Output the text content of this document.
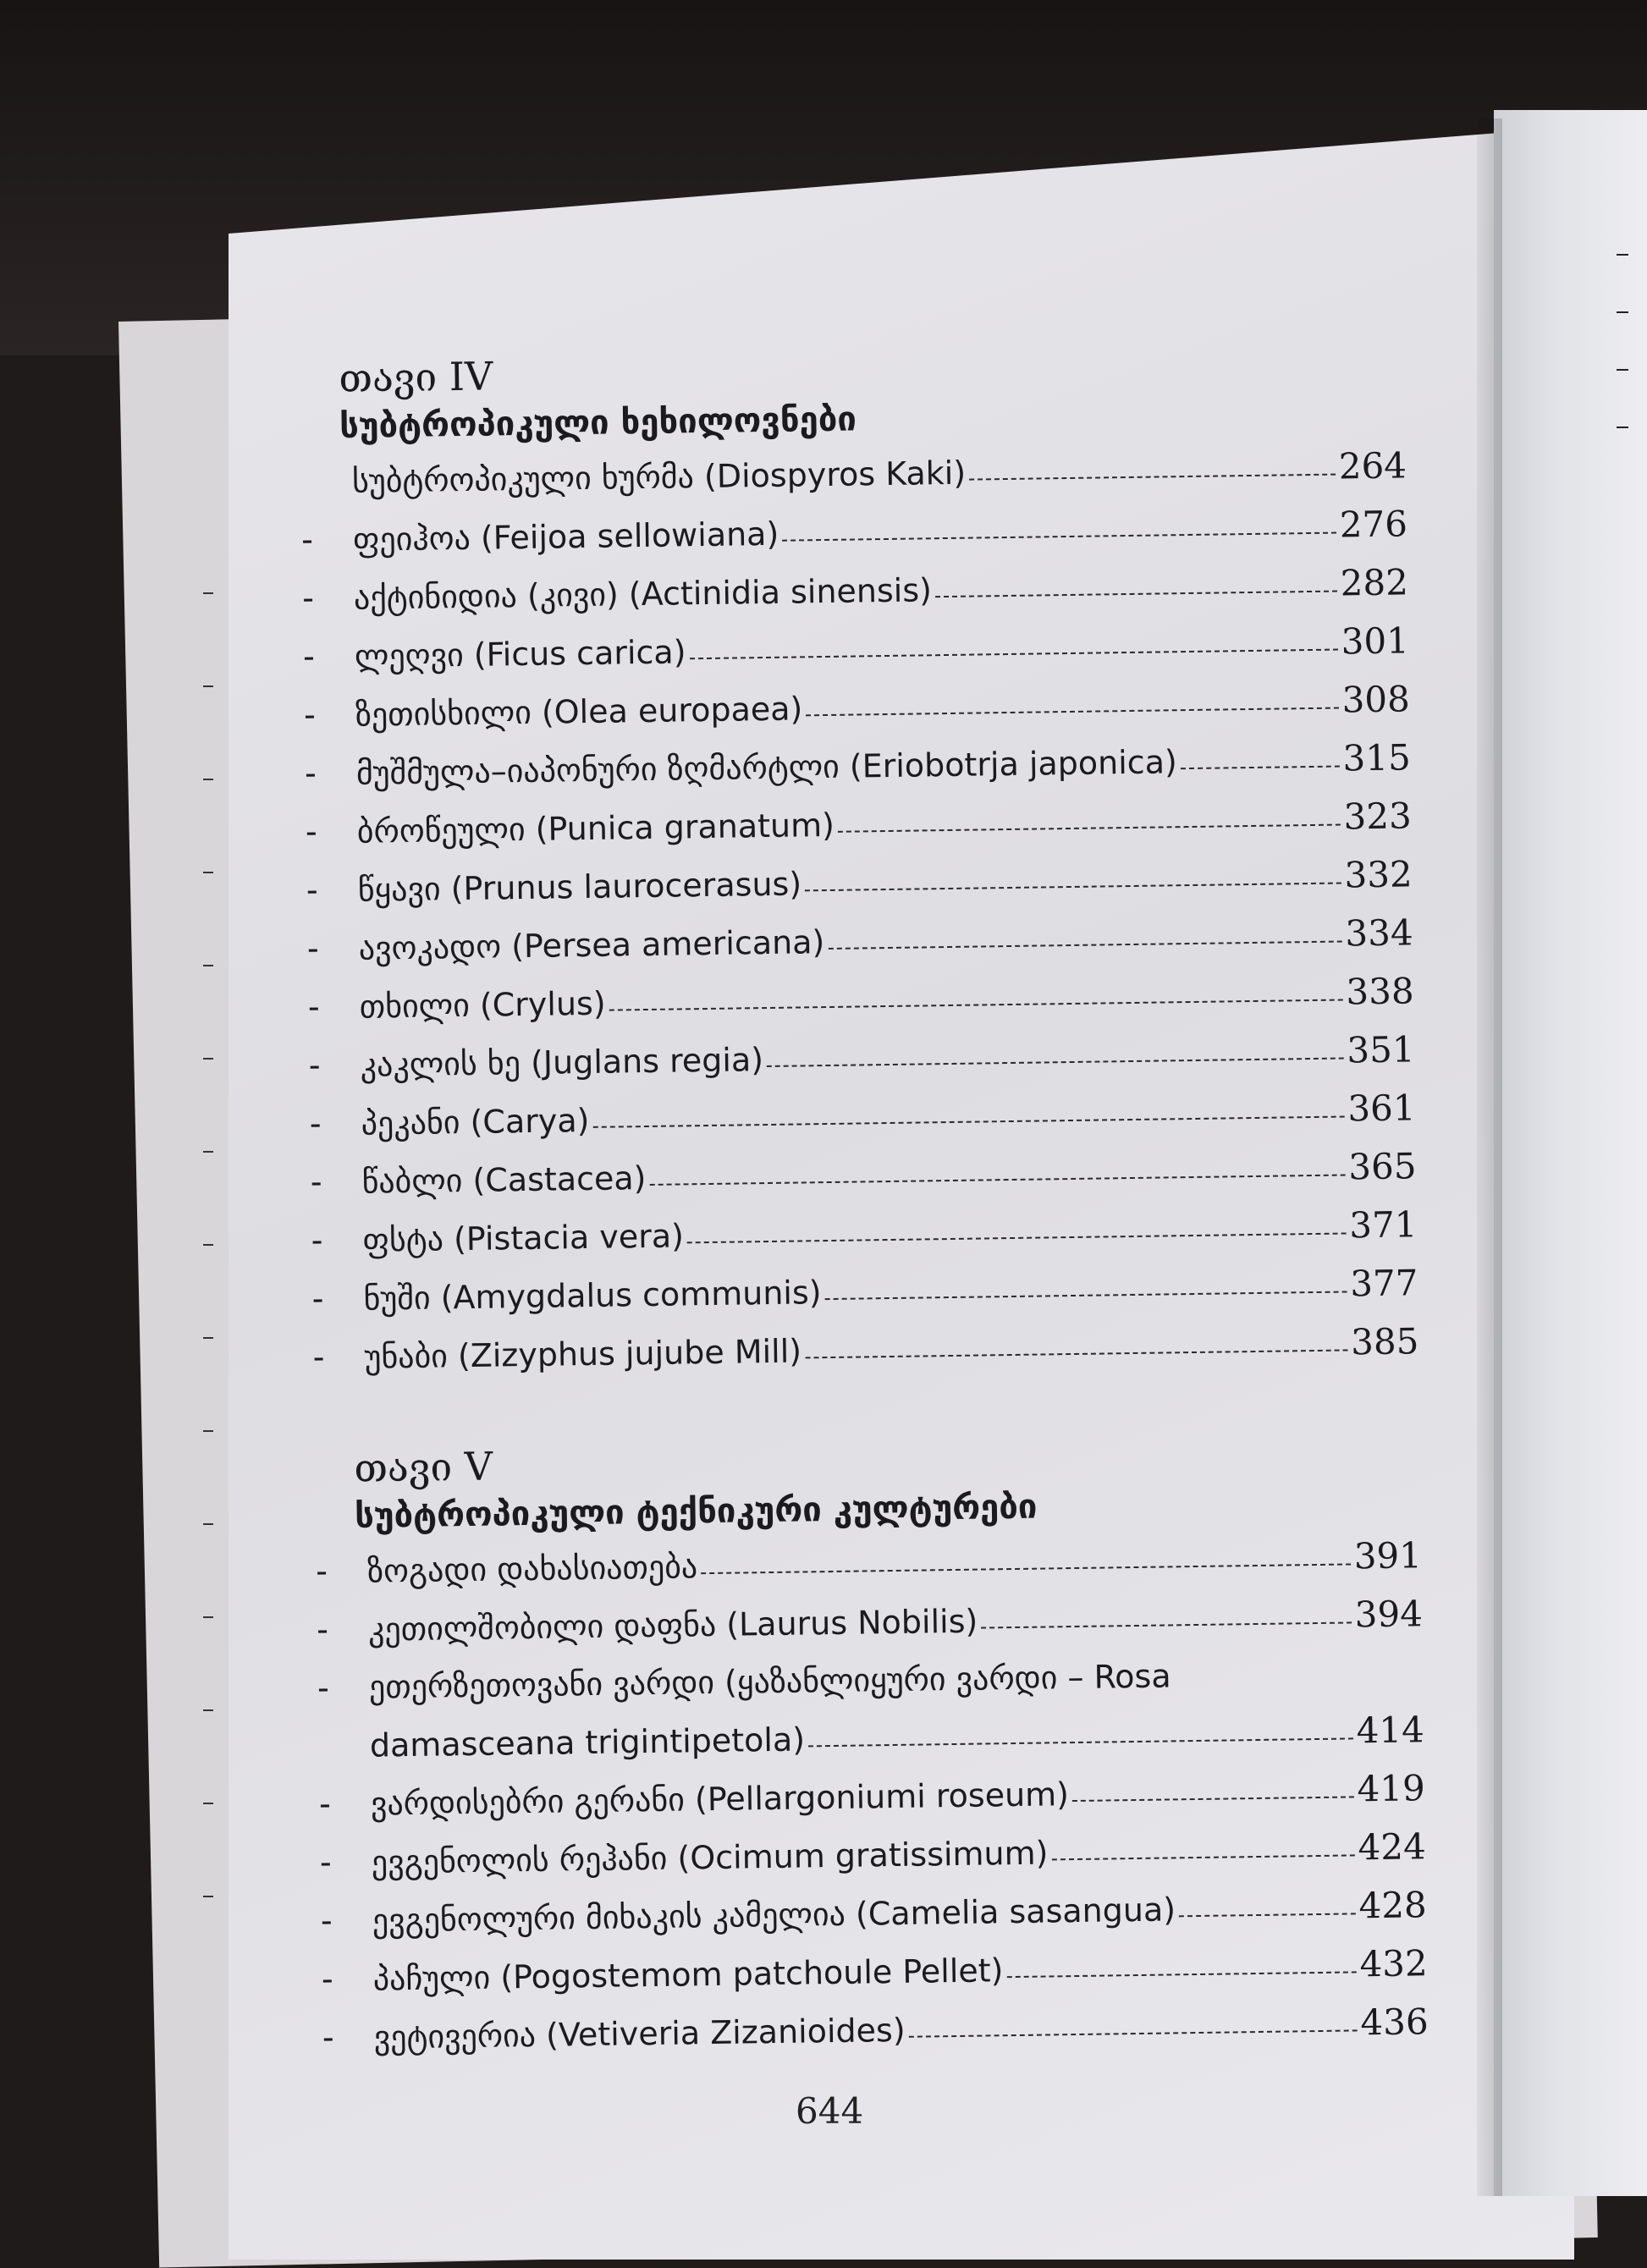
თავი IV
სუბტროპიკული ხეხილოვნები
სუბტროპიკული ხურმა (Diospyros Kaki)	264
- ფეიჰოა (Feijoa sellowiana)	276
- აქტინიდია (კივი) (Actinidia sinensis)	282
- ლეღვი (Ficus carica)	301
- ზეთისხილი (Olea europaea)	308
- მუშმულა–იაპონური ზღმარტლი (Eriobotrja japonica)	315
- ბროწეული (Punica granatum)	323
- წყავი (Prunus laurocerasus)	332
- ავოკადო (Persea americana)	334
- თხილი (Crylus)	338
- კაკლის ხე (Juglans regia)	351
- პეკანი (Carya)	361
- წაბლი (Castacea)	365
- ფსტა (Pistacia vera)	371
- ნუში (Amygdalus communis)	377
- უნაბი (Zizyphus jujube Mill)	385
თავი V
სუბტროპიკული ტექნიკური კულტურები
- ზოგადი დახასიათება	391
- კეთილშობილი დაფნა (Laurus Nobilis)	394
- ეთერზეთოვანი ვარდი (ყაზანლიყური ვარდი – Rosa
damasceana trigintipetola)	414
- ვარდისებრი გერანი (Pellargoniumi roseum)	419
- ევგენოლის რეჰანი (Ocimum gratissimum)	424
- ევგენოლური მიხაკის კამელია (Camelia sasangua)	428
- პაჩული (Pogostemom patchoule Pellet)	432
- ვეტივერია (Vetiveria Zizanioides)	436
644
